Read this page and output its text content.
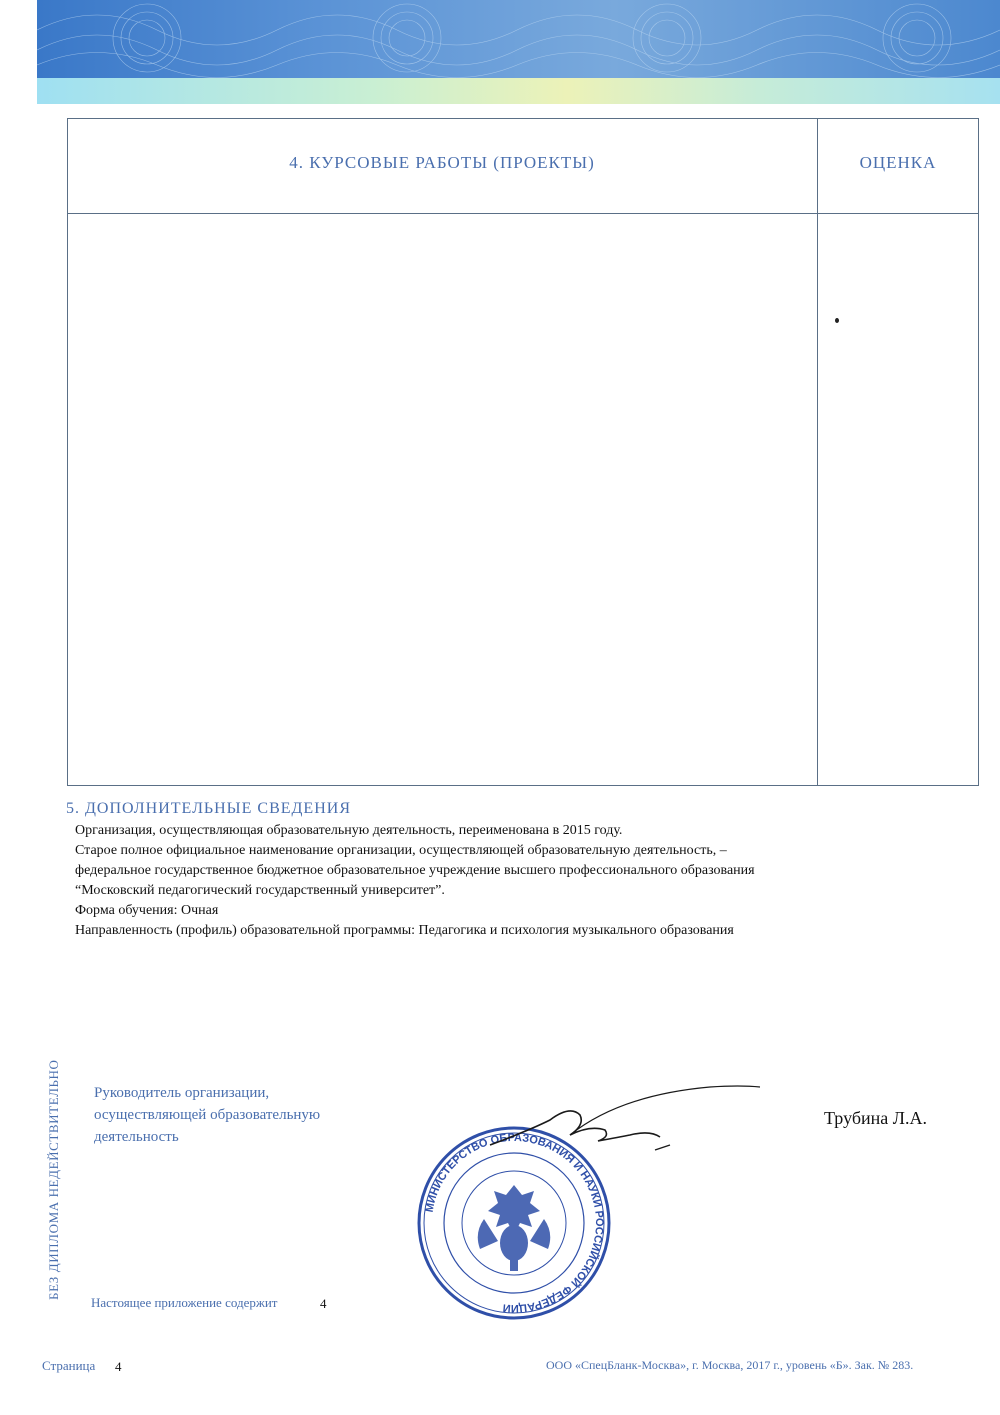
4. КУРСОВЫЕ РАБОТЫ (ПРОЕКТЫ)	ОЦЕНКА
5. ДОПОЛНИТЕЛЬНЫЕ СВЕДЕНИЯ
Организация, осуществляющая образовательную деятельность, переименована в 2015 году.
Старое полное официальное наименование организации, осуществляющей образовательную деятельность, –
федеральное государственное бюджетное образовательное учреждение высшего профессионального образования
“Московский педагогический государственный университет”.
Форма обучения: Очная
Направленность (профиль) образовательной программы: Педагогика и психология музыкального образования
БЕЗ ДИПЛОМА НЕДЕЙСТВИТЕЛЬНО Руководитель организации,
осуществляющей образовательную
деятельность
Трубина Л.А.
МИНИСТЕРСТВО ОБРАЗОВАНИЯ И НАУКИ РОССИЙСКОЙ ФЕДЕРАЦИИ
Настоящее приложение содержит	4
Страница 4	ООО «СпецБланк-Москва», г. Москва, 2017 г., уровень «Б». Зак. № 283.
